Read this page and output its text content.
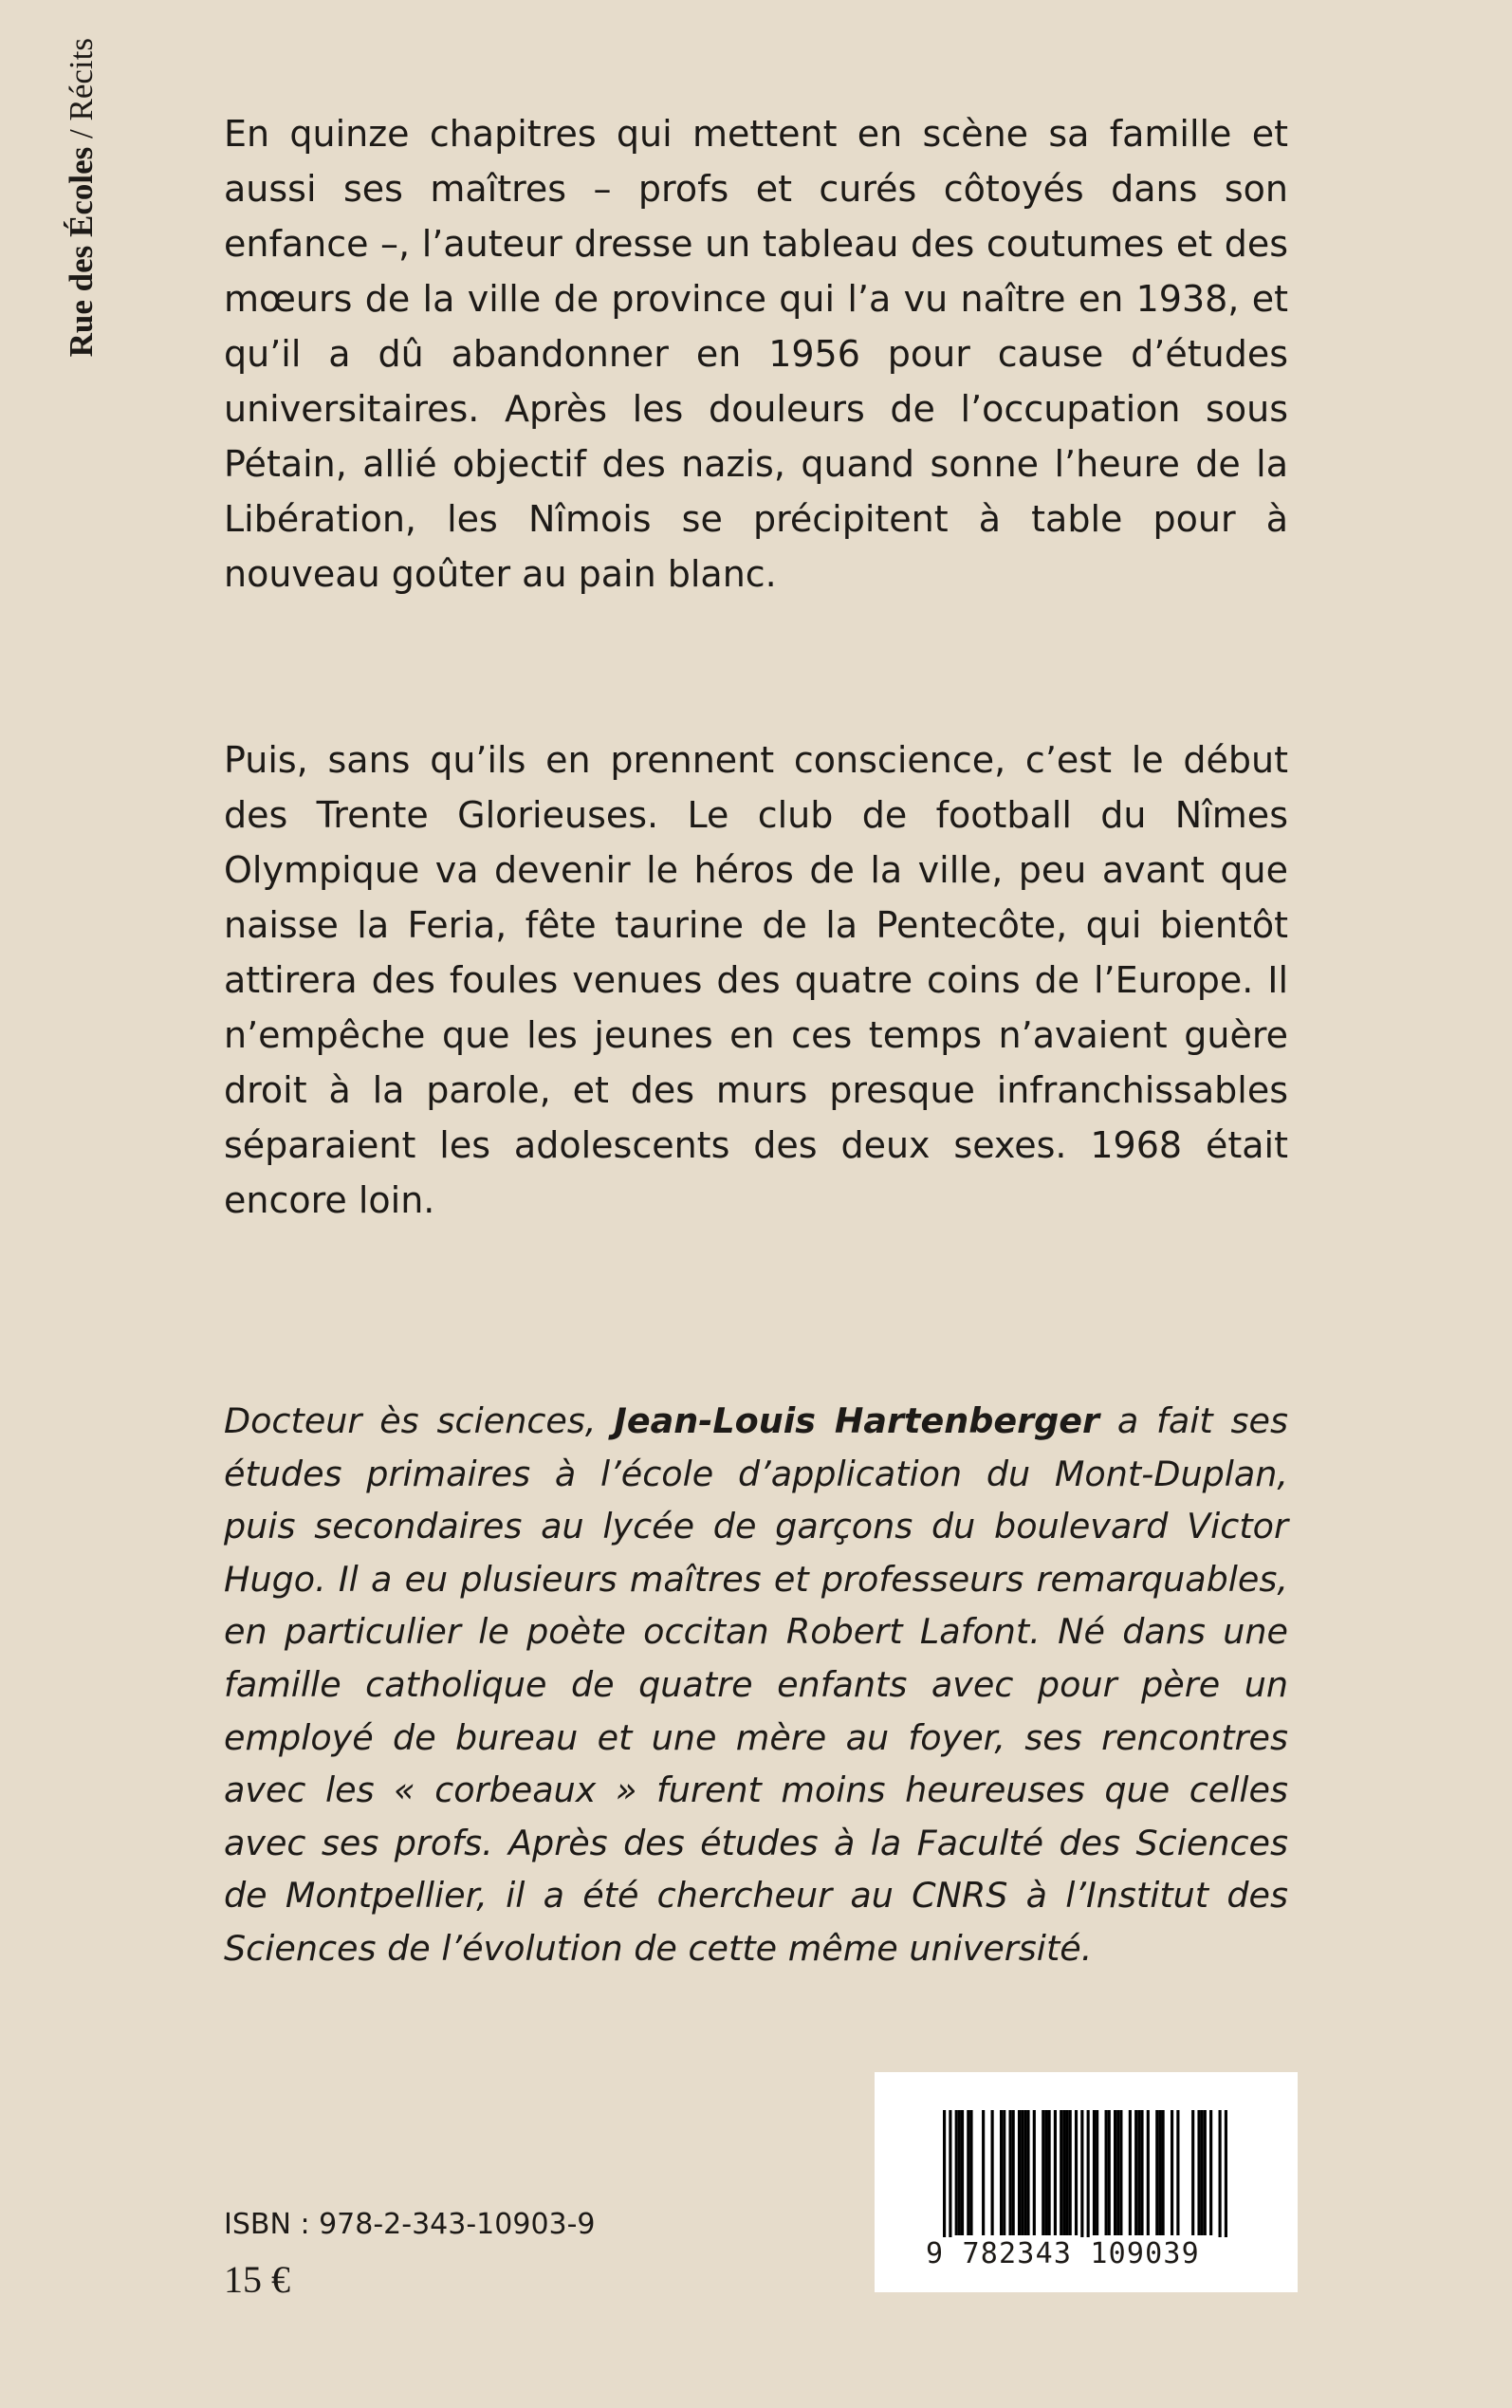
Rue des Écoles / Récits

En quinze chapitres qui mettent en scène sa famille et aussi ses maîtres – profs et curés côtoyés dans son enfance –, l’auteur dresse un tableau des coutumes et des mœurs de la ville de province qui l’a vu naître en 1938, et qu’il a dû abandonner en 1956 pour cause d’études universitaires. Après les douleurs de l’occupation sous Pétain, allié objectif des nazis, quand sonne l’heure de la Libération, les Nîmois se précipitent à table pour à nouveau goûter au pain blanc.

Puis, sans qu’ils en prennent conscience, c’est le début des Trente Glorieuses. Le club de football du Nîmes Olympique va devenir le héros de la ville, peu avant que naisse la Feria, fête taurine de la Pentecôte, qui bientôt attirera des foules venues des quatre coins de l’Europe. Il n’empêche que les jeunes en ces temps n’avaient guère droit à la parole, et des murs presque infranchissables séparaient les adolescents des deux sexes. 1968 était encore loin.

Docteur ès sciences, Jean-Louis Hartenberger a fait ses études primaires à l’école d’application du Mont-Duplan, puis secondaires au lycée de garçons du boulevard Victor Hugo. Il a eu plusieurs maîtres et professeurs remarquables, en particulier le poète occitan Robert Lafont. Né dans une famille catholique de quatre enfants avec pour père un employé de bureau et une mère au foyer, ses rencontres avec les « corbeaux » furent moins heureuses que celles avec ses profs. Après des études à la Faculté des Sciences de Montpellier, il a été chercheur au CNRS à l’Institut des Sciences de l’évolution de cette même université.

9 782343 109039
ISBN : 978-2-343-10903-9
15 €
